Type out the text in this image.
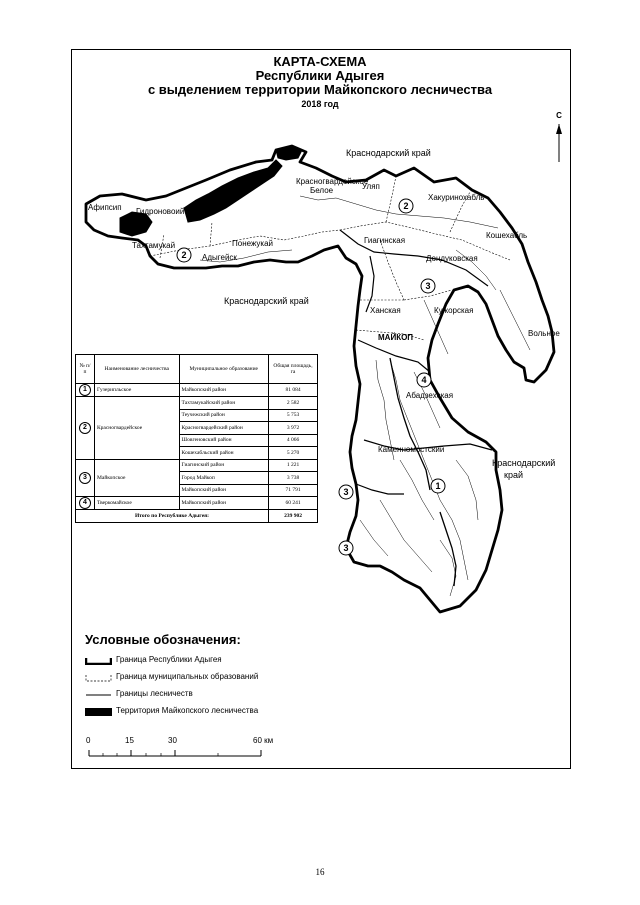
КАРТА-СХЕМА
Республики Адыгея
с выделением территории Майкопского лесничества
2018 год
Краснодарский край
Краснодарский край
Краснодарский
край
Афипсип Гидроновоий
Тахтамукай	Понежукай
Адыгейск
Красногвардейское
Белое	Уляп
Хакуринохабль
Кошехабль
Гиагинская
Дондуковская
Ханская	Кужорская
МАЙКОП	Вольное
Абадзехская
Каменномостский
2
2
3
4
1
3
3
С
№ п/п	Наименование лесничества	Муниципальное образование	Общая площадь, га
1	Гузерипльское	Майкопский район	81 084
2	Красногвардейское	Тахтамукайский район	2 582
		Теучежский район	5 753
		Красногвардейский район	3 972
		Шовгеновский район	4 066
		Кошехабльский район	5 270
3	Майкопское	Гиагинский район	1 221
		Город Майкоп	3 738
		Майкопский район	71 791
4	Тверкомайское	Майкопский район	60 241
Итого по Республике Адыгея:			239 902
Условные обозначения:
Граница Республики Адыгея
Граница муниципальных образований
Границы лесничеств
Территория Майкопского лесничества
0	15	30	60 км
16
